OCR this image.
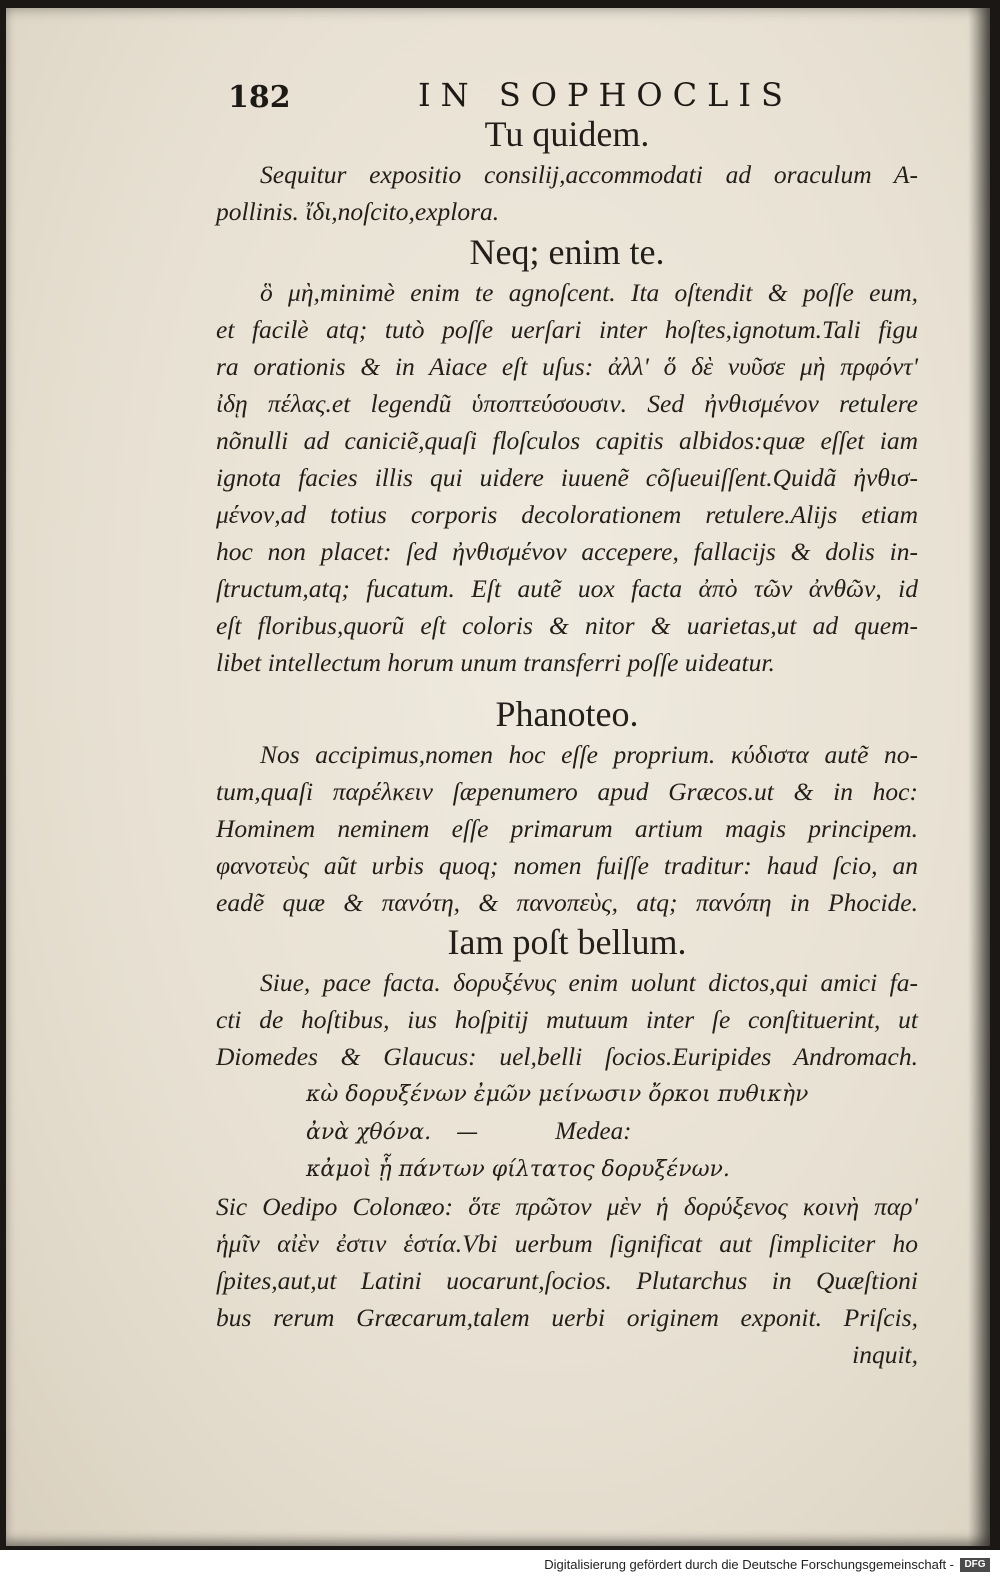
182	IN SOPHOCLIS
Tu quidem.
Sequitur expositio consilij,accommodati ad oraculum A-
pollinis. ἴδι,noſcito,explora.
Neq; enim te.
ὃ μὴ,minimè enim te agnoſcent. Ita oſtendit & poſſe eum,
et facilè atq; tutò poſſe uerſari inter hoſtes,ignotum.Tali figu
ra orationis & in Aiace eſt uſus: ἀλλ' ὅ δὲ νυῦσε μὴ πρφόντ'
ἰδῃ πέλας.et legendũ ὑποπτεύσουσιν. Sed ἠνθισμένον retulere
nõnulli ad caniciẽ,quaſi floſculos capitis albidos:quæ eſſet iam
ignota facies illis qui uidere iuuenẽ cõſueuiſſent.Quidã ἠνθισ-
μένον,ad totius corporis decolorationem retulere.Alijs etiam
hoc non placet: ſed ἠνθισμένον accepere, fallacijs & dolis in-
ſtructum,atq; fucatum. Eſt autẽ uox facta ἀπὸ τῶν ἀνθῶν, id
eſt floribus,quorũ eſt coloris & nitor & uarietas,ut ad quem-
libet intellectum horum unum transferri poſſe uideatur.
Phanoteo.
Nos accipimus,nomen hoc eſſe proprium. κύδιστα autẽ no-
tum,quaſi παρέλκειν ſæpenumero apud Græcos.ut & in hoc:
Hominem neminem eſſe primarum artium magis principem.
φανοτεὺς aũt urbis quoq; nomen fuiſſe traditur: haud ſcio, an
eadẽ quæ & πανότη, & πανοπεὺς, atq; πανόπη in Phocide.
Iam poſt bellum.
Siue, pace facta. δορυξένυς enim uolunt dictos,qui amici fa-
cti de hoſtibus, ius hoſpitij mutuum inter ſe conſtituerint, ut
Diomedes & Glaucus: uel,belli ſocios.Euripides Andromach.
κὼ δορυξένων ἐμῶν μείνωσιν ὄρκοι πυθικὴν
ἀνὰ χθόνα. —	Medea:
κἀμοὶ ᾗ πάντων φίλτατος δορυξένων.
Sic Oedipo Colonæo: ὅτε πρῶτον μὲν ἡ δορύξενος κοινὴ παρ'
ἡμῖν αἰὲν ἐστιν ἑστία.Vbi uerbum ſignificat aut ſimpliciter ho
ſpites,aut,ut Latini uocarunt,ſocios. Plutarchus in Quæſtioni
bus rerum Græcarum,talem uerbi originem exponit. Priſcis,
inquit,
Digitalisierung gefördert durch die Deutsche Forschungsgemeinschaft -	DFG
